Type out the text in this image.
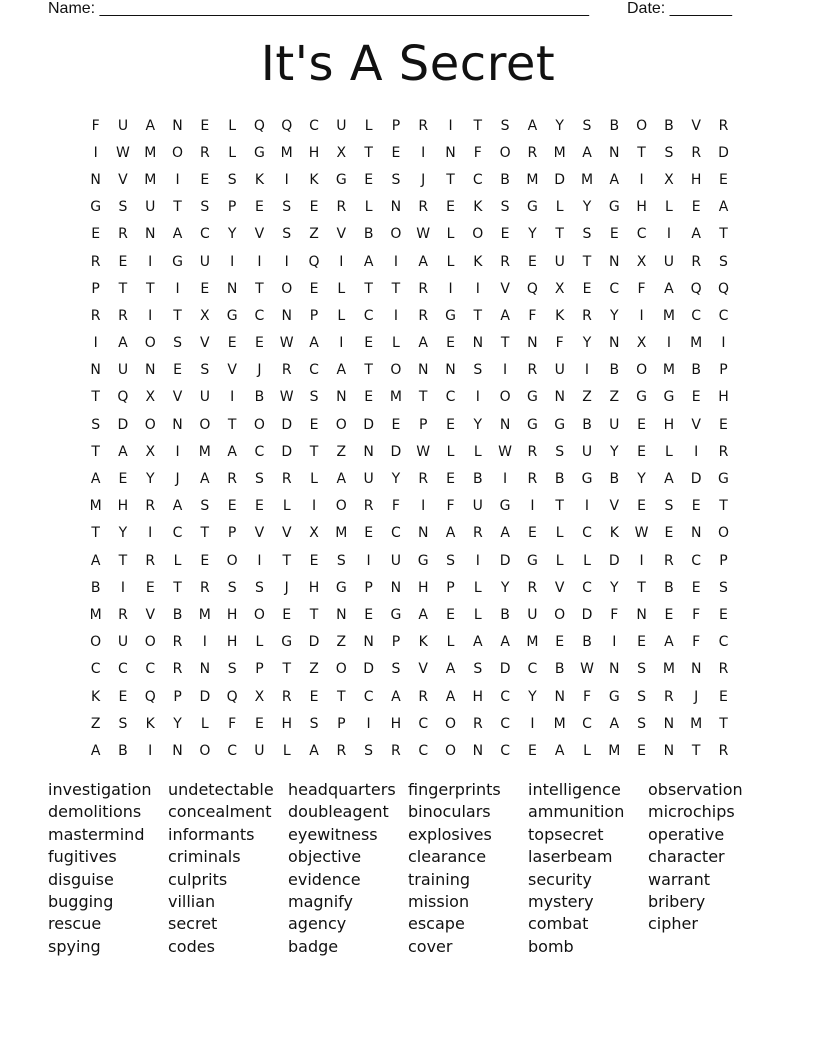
Name: _______________________________________________________ Date: _______
It's A Secret
F	U	A	N	E	L	Q	Q	C	U	L	P	R	I	T	S	A	Y	S	B	O	B	V	R
I	W	M	O	R	L	G	M	H	X	T	E	I	N	F	O	R	M	A	N	T	S	R	D
N	V	M	I	E	S	K	I	K	G	E	S	J	T	C	B	M	D	M	A	I	X	H	E
G	S	U	T	S	P	E	S	E	R	L	N	R	E	K	S	G	L	Y	G	H	L	E	A
E	R	N	A	C	Y	V	S	Z	V	B	O	W	L	O	E	Y	T	S	E	C	I	A	T
R	E	I	G	U	I	I	I	Q	I	A	I	A	L	K	R	E	U	T	N	X	U	R	S
P	T	T	I	E	N	T	O	E	L	T	T	R	I	I	V	Q	X	E	C	F	A	Q	Q
R	R	I	T	X	G	C	N	P	L	C	I	R	G	T	A	F	K	R	Y	I	M	C	C
I	A	O	S	V	E	E	W	A	I	E	L	A	E	N	T	N	F	Y	N	X	I	M	I
N	U	N	E	S	V	J	R	C	A	T	O	N	N	S	I	R	U	I	B	O	M	B	P
T	Q	X	V	U	I	B	W	S	N	E	M	T	C	I	O	G	N	Z	Z	G	G	E	H
S	D	O	N	O	T	O	D	E	O	D	E	P	E	Y	N	G	G	B	U	E	H	V	E
T	A	X	I	M	A	C	D	T	Z	N	D	W	L	L	W	R	S	U	Y	E	L	I	R
A	E	Y	J	A	R	S	R	L	A	U	Y	R	E	B	I	R	B	G	B	Y	A	D	G
M	H	R	A	S	E	E	L	I	O	R	F	I	F	U	G	I	T	I	V	E	S	E	T
T	Y	I	C	T	P	V	V	X	M	E	C	N	A	R	A	E	L	C	K	W	E	N	O
A	T	R	L	E	O	I	T	E	S	I	U	G	S	I	D	G	L	L	D	I	R	C	P
B	I	E	T	R	S	S	J	H	G	P	N	H	P	L	Y	R	V	C	Y	T	B	E	S
M	R	V	B	M	H	O	E	T	N	E	G	A	E	L	B	U	O	D	F	N	E	F	E
O	U	O	R	I	H	L	G	D	Z	N	P	K	L	A	A	M	E	B	I	E	A	F	C
C	C	C	R	N	S	P	T	Z	O	D	S	V	A	S	D	C	B	W	N	S	M	N	R
K	E	Q	P	D	Q	X	R	E	T	C	A	R	A	H	C	Y	N	F	G	S	R	J	E
Z	S	K	Y	L	F	E	H	S	P	I	H	C	O	R	C	I	M	C	A	S	N	M	T
A	B	I	N	O	C	U	L	A	R	S	R	C	O	N	C	E	A	L	M	E	N	T	R
investigation
demolitions
mastermind
fugitives
disguise
bugging
rescue
spying
undetectable
concealment
informants
criminals
culprits
villian
secret
codes
headquarters
doubleagent
eyewitness
objective
evidence
magnify
agency
badge
fingerprints
binoculars
explosives
clearance
training
mission
escape
cover
intelligence
ammunition
topsecret
laserbeam
security
mystery
combat
bomb
observation
microchips
operative
character
warrant
bribery
cipher
